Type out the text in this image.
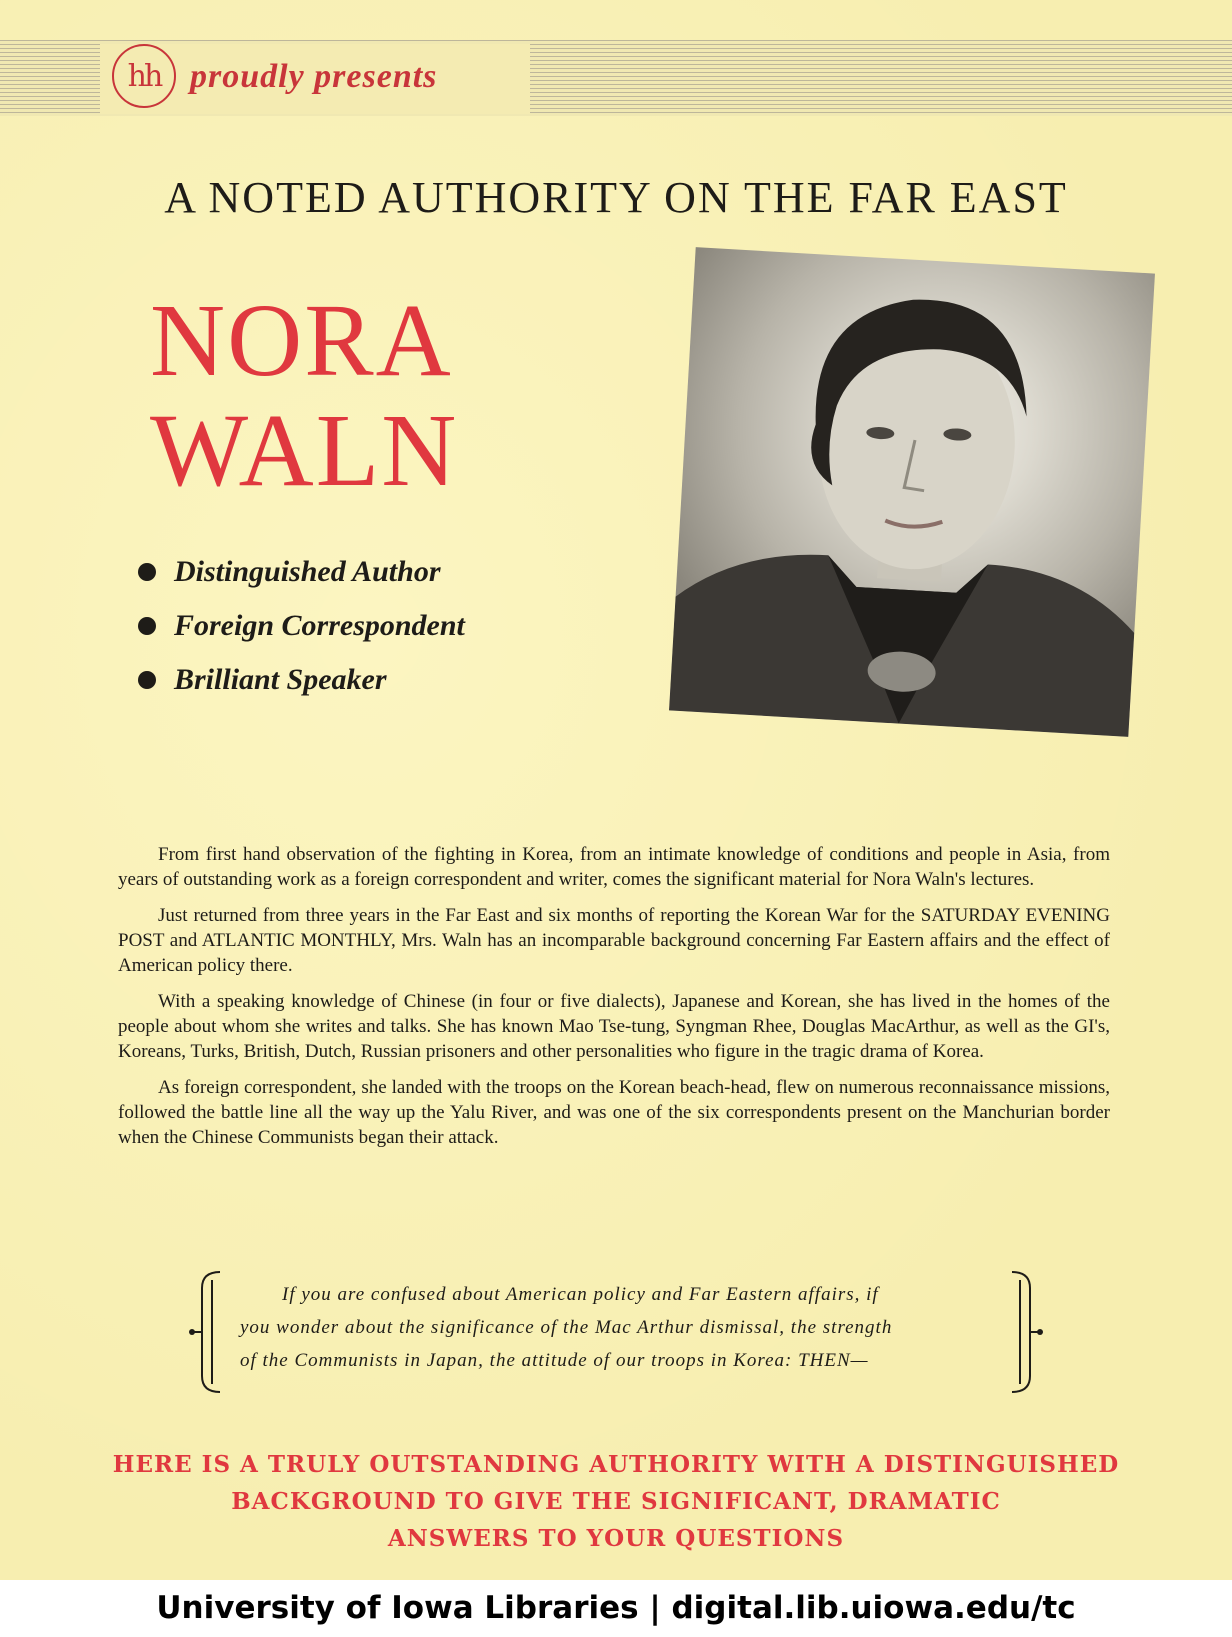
hh proudly presents
A NOTED AUTHORITY ON THE FAR EAST
NORA
WALN
Distinguished Author
Foreign Correspondent
Brilliant Speaker

From first hand observation of the fighting in Korea, from an intimate knowledge of conditions and people in Asia, from years of outstanding work as a foreign correspondent and writer, comes the significant material for Nora Waln's lectures.

Just returned from three years in the Far East and six months of reporting the Korean War for the SATURDAY EVENING POST and ATLANTIC MONTHLY, Mrs. Waln has an incomparable background concerning Far Eastern affairs and the effect of American policy there.

With a speaking knowledge of Chinese (in four or five dialects), Japanese and Korean, she has lived in the homes of the people about whom she writes and talks. She has known Mao Tse-tung, Syngman Rhee, Douglas MacArthur, as well as the GI's, Koreans, Turks, British, Dutch, Russian prisoners and other personalities who figure in the tragic drama of Korea.

As foreign correspondent, she landed with the troops on the Korean beach-head, flew on numerous reconnaissance missions, followed the battle line all the way up the Yalu River, and was one of the six correspondents present on the Manchurian border when the Chinese Communists began their attack.

If you are confused about American policy and Far Eastern affairs, if
you wonder about the significance of the Mac Arthur dismissal, the strength
of the Communists in Japan, the attitude of our troops in Korea: THEN—
HERE IS A TRULY OUTSTANDING AUTHORITY WITH A DISTINGUISHED
BACKGROUND TO GIVE THE SIGNIFICANT, DRAMATIC
ANSWERS TO YOUR QUESTIONS
University of Iowa Libraries | digital.lib.uiowa.edu/tc
